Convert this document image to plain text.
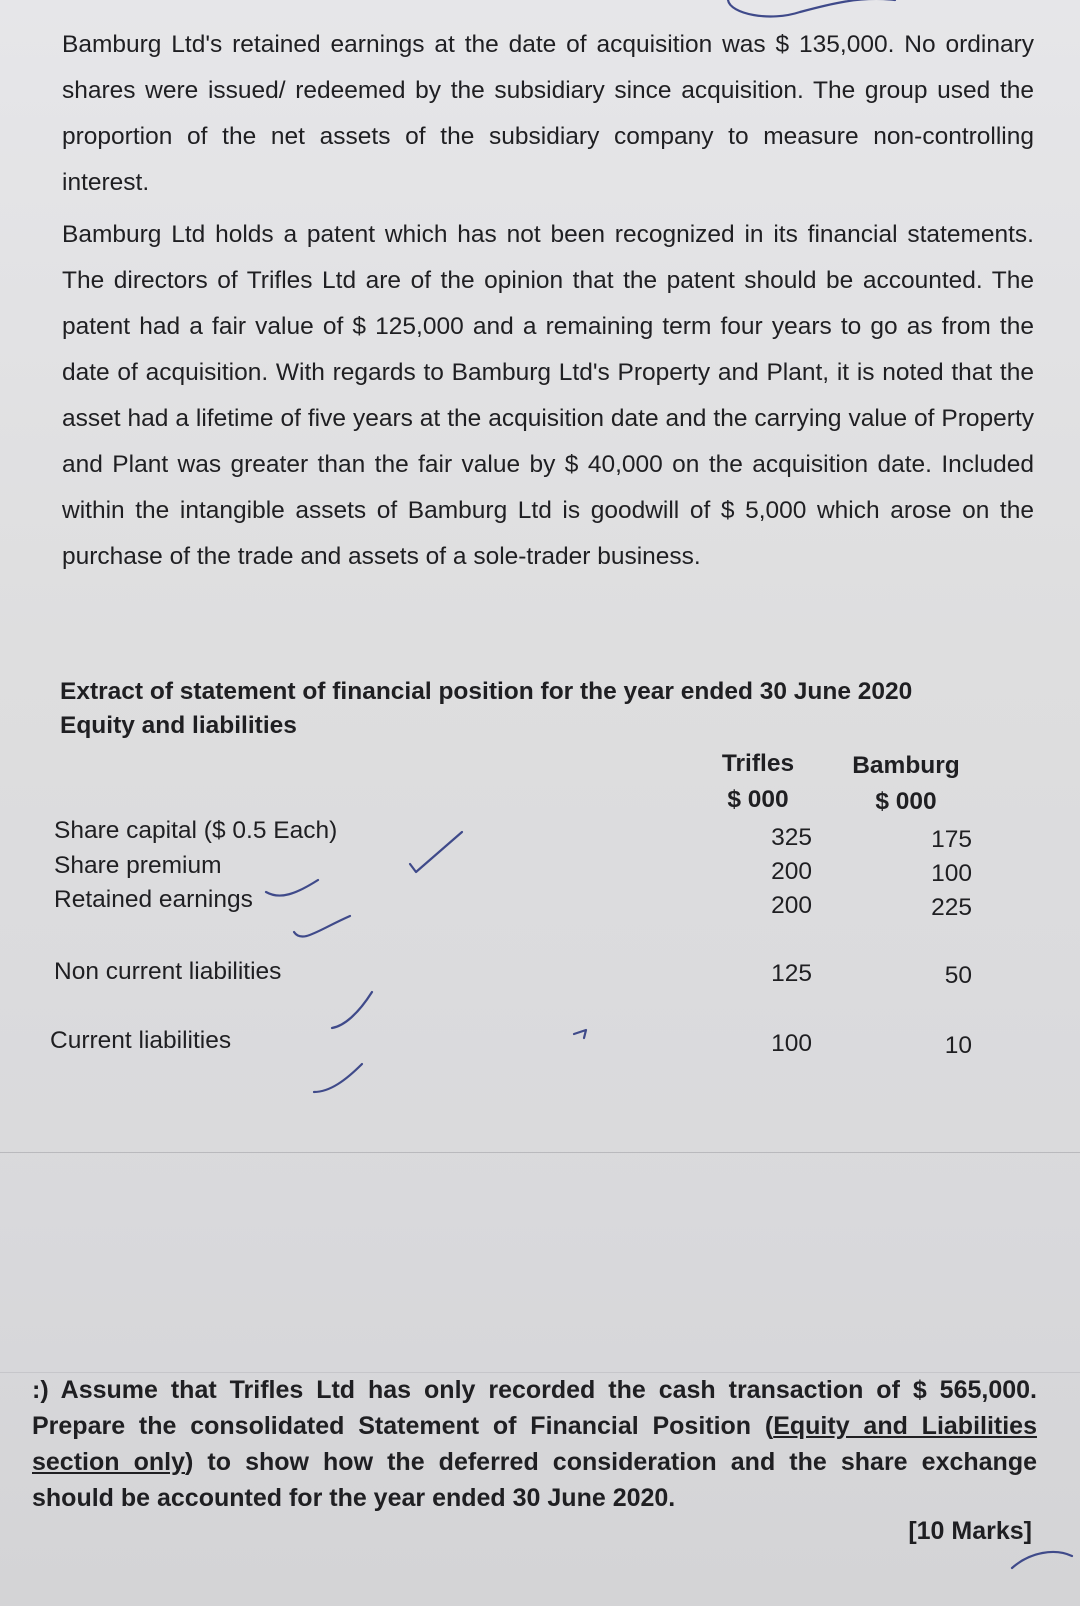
Bamburg Ltd's retained earnings at the date of acquisition was $ 135,000. No ordinary shares were issued/ redeemed by the subsidiary since acquisition. The group used the proportion of the net assets of the subsidiary company to measure non-controlling interest.

Bamburg Ltd holds a patent which has not been recognized in its financial statements. The directors of Trifles Ltd are of the opinion that the patent should be accounted. The patent had a fair value of $ 125,000 and a remaining term four years to go as from the date of acquisition. With regards to Bamburg Ltd's Property and Plant, it is noted that the asset had a lifetime of five years at the acquisition date and the carrying value of Property and Plant was greater than the fair value by $ 40,000 on the acquisition date. Included within the intangible assets of Bamburg Ltd is goodwill of $ 5,000 which arose on the purchase of the trade and assets of a sole-trader business.

Extract of statement of financial position for the year ended 30 June 2020
Equity and liabilities
Trifles
$ 000
Bamburg
$ 000
Share capital ($ 0.5 Each)	325	175
Share premium	200	100
Retained earnings	200	225
Non current liabilities	125	50
Current liabilities	100	10
:) Assume that Trifles Ltd has only recorded the cash transaction of $ 565,000. Prepare the consolidated Statement of Financial Position (Equity and Liabilities section only) to show how the deferred consideration and the share exchange should be accounted for the year ended 30 June 2020.
[10 Marks]
